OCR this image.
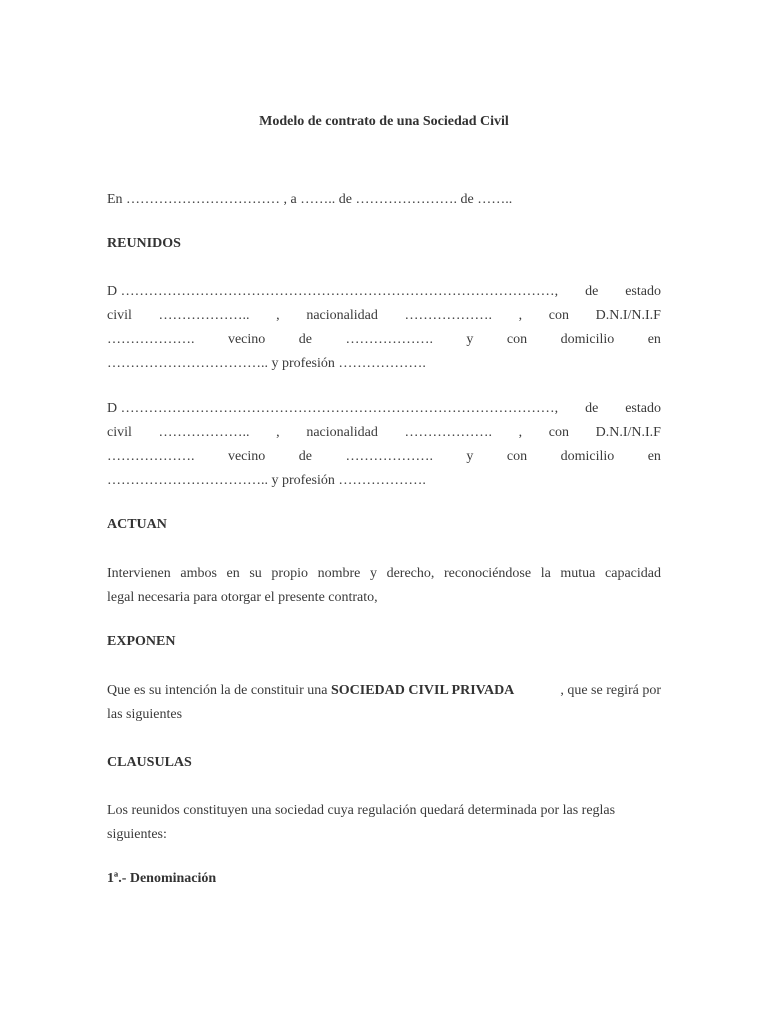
Modelo de contrato de una Sociedad Civil
En …………………………… , a …….. de …………………. de ……..
REUNIDOS
D …………………………………………………………………………………, de estado
civil ……………….. , nacionalidad ………………. , con D.N.I/N.I.F
………………. vecino de ………………. y con domicilio en
…………………………….. y profesión ……………….
D …………………………………………………………………………………, de estado
civil ……………….. , nacionalidad ………………. , con D.N.I/N.I.F
………………. vecino de ………………. y con domicilio en
…………………………….. y profesión ……………….
ACTUAN
Intervienen ambos en su propio nombre y derecho, reconociéndose la mutua capacidad
legal necesaria para otorgar el presente contrato,
EXPONEN
Que es su intención la de constituir una SOCIEDAD CIVIL PRIVADA	, que se regirá por
las siguientes
CLAUSULAS
Los reunidos constituyen una sociedad cuya regulación quedará determinada por las reglas
siguientes:
1ª.- Denominación
